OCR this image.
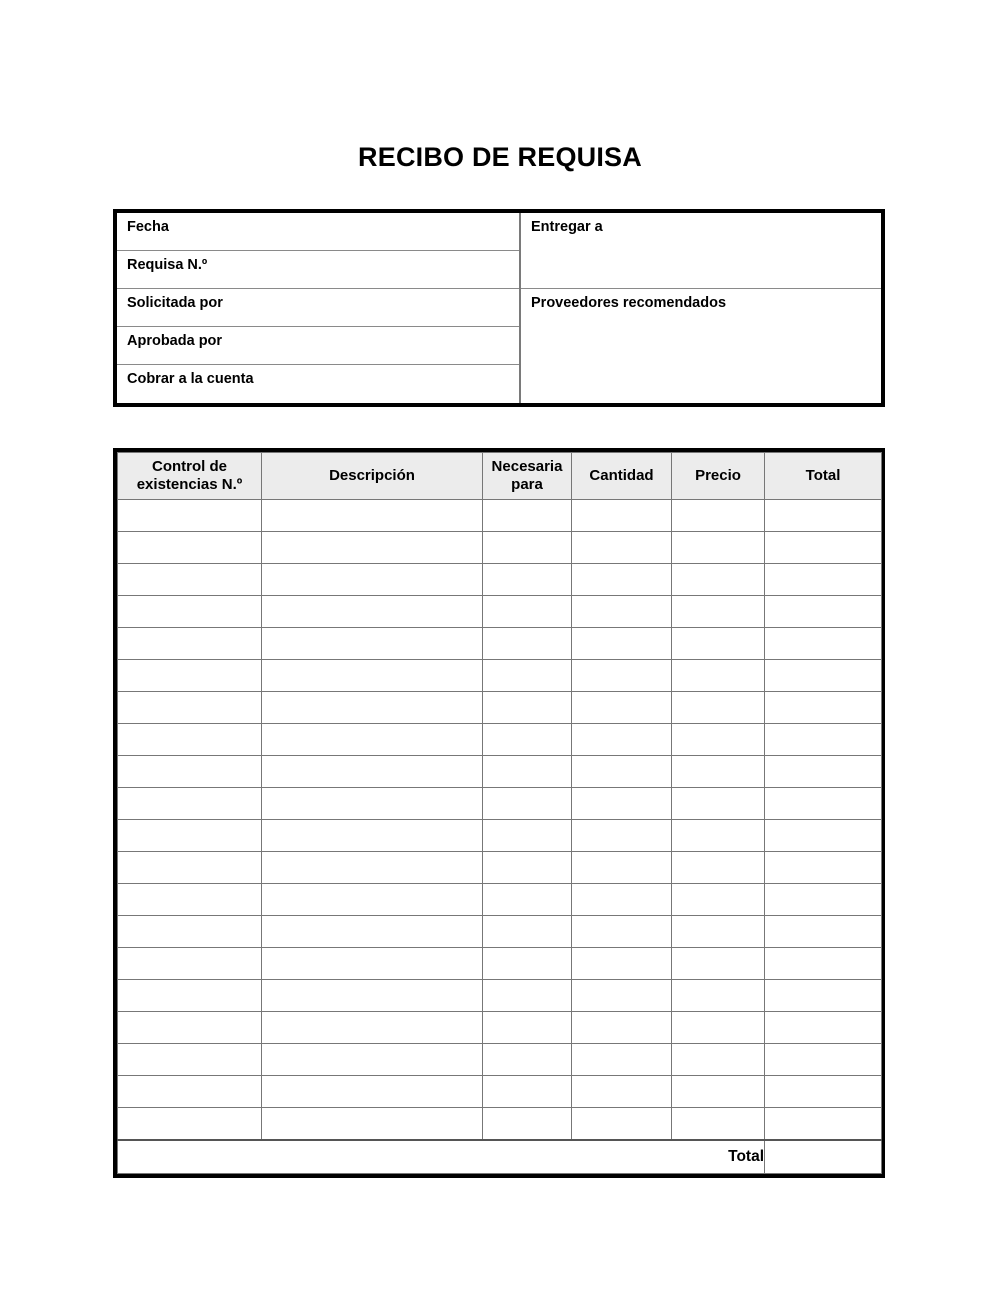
RECIBO DE REQUISA
Fecha
Requisa N.º
Solicitada por
Aprobada por
Cobrar a la cuenta
Entregar a
Proveedores recomendados
Control de existencias N.º	Descripción	Necesaria para	Cantidad	Precio	Total

Total					
